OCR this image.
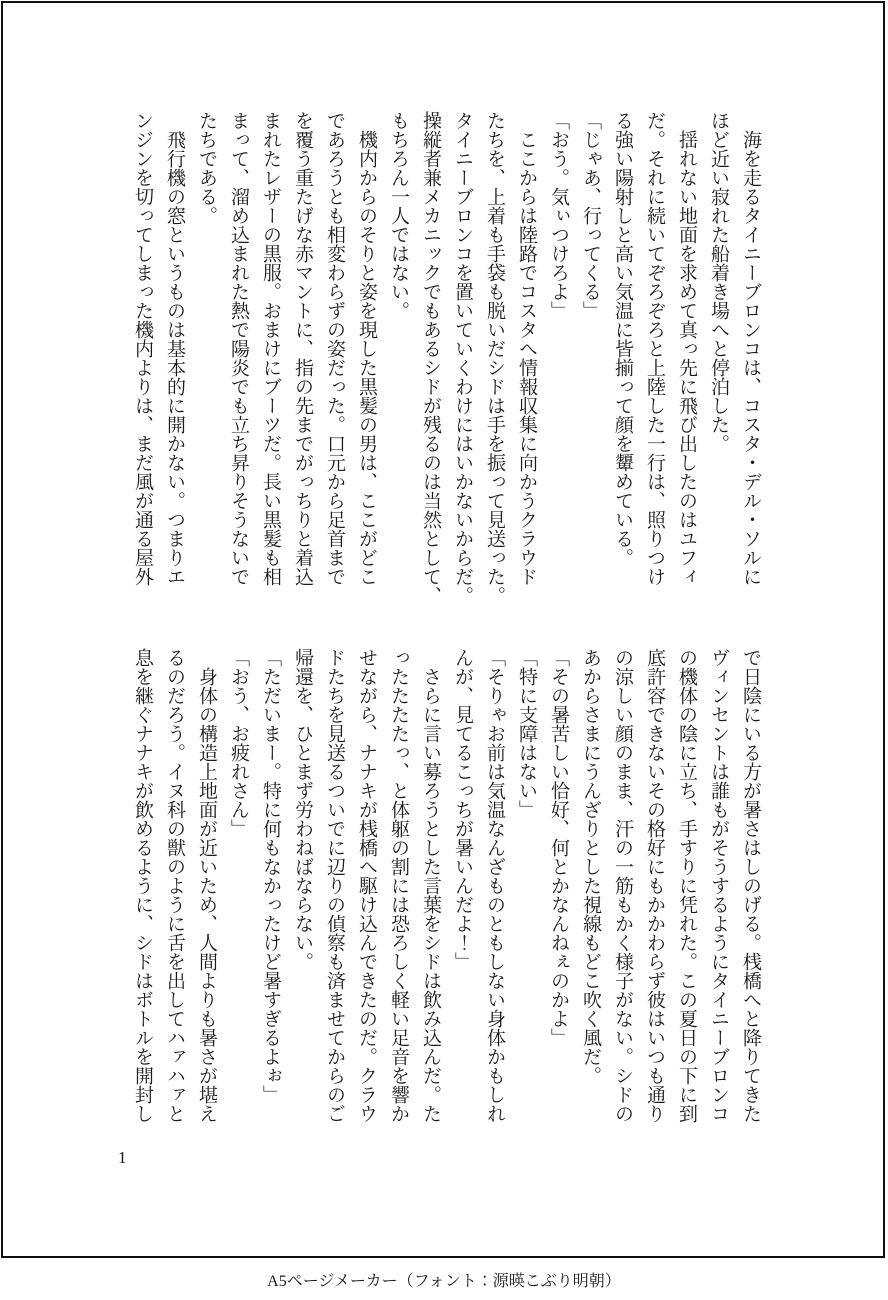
　海を走るタイニーブロンコは、コスタ・デル・ソルに
ほど近い寂れた船着き場へと停泊した。
　揺れない地面を求めて真っ先に飛び出したのはユフィ
だ。それに続いてぞろぞろと上陸した一行は、照りつけ
る強い陽射しと高い気温に皆揃って顔を顰めている。
「じゃあ、行ってくる」
「おう。気ぃつけろよ」
　ここからは陸路でコスタへ情報収集に向かうクラウド
たちを、上着も手袋も脱いだシドは手を振って見送った。
タイニーブロンコを置いていくわけにはいかないからだ。
操縦者兼メカニックでもあるシドが残るのは当然として、
もちろん一人ではない。
　機内からのそりと姿を現した黒髪の男は、ここがどこ
であろうとも相変わらずの姿だった。口元から足首まで
を覆う重たげな赤マントに、指の先までがっちりと着込
まれたレザーの黒服。おまけにブーツだ。長い黒髪も相
まって、溜め込まれた熱で陽炎でも立ち昇りそうないで
たちである。
　飛行機の窓というものは基本的に開かない。つまりエ
ンジンを切ってしまった機内よりは、まだ風が通る屋外
で日陰にいる方が暑さはしのげる。桟橋へと降りてきた
ヴィンセントは誰もがそうするようにタイニーブロンコ
の機体の陰に立ち、手すりに凭れた。この夏日の下に到
底許容できないその格好にもかかわらず彼はいつも通り
の涼しい顔のまま、汗の一筋もかく様子がない。シドの
あからさまにうんざりとした視線もどこ吹く風だ。
「その暑苦しい恰好、何とかなんねぇのかよ」
「特に支障はない」
「そりゃお前は気温なんざものともしない身体かもしれ
んが、見てるこっちが暑いんだよ！」
　さらに言い募ろうとした言葉をシドは飲み込んだ。た
ったたたたっ、と体躯の割には恐ろしく軽い足音を響か
せながら、ナナキが桟橋へ駆け込んできたのだ。クラウ
ドたちを見送るついでに辺りの偵察も済ませてからのご
帰還を、ひとまず労わねばならない。
「ただいまー。特に何もなかったけど暑すぎるよぉ」
「おう、お疲れさん」
　身体の構造上地面が近いため、人間よりも暑さが堪え
るのだろう。イヌ科の獣のように舌を出してハァハァと
息を継ぐナナキが飲めるように、シドはボトルを開封し
1
A5ページメーカー（フォント：源暎こぶり明朝）
